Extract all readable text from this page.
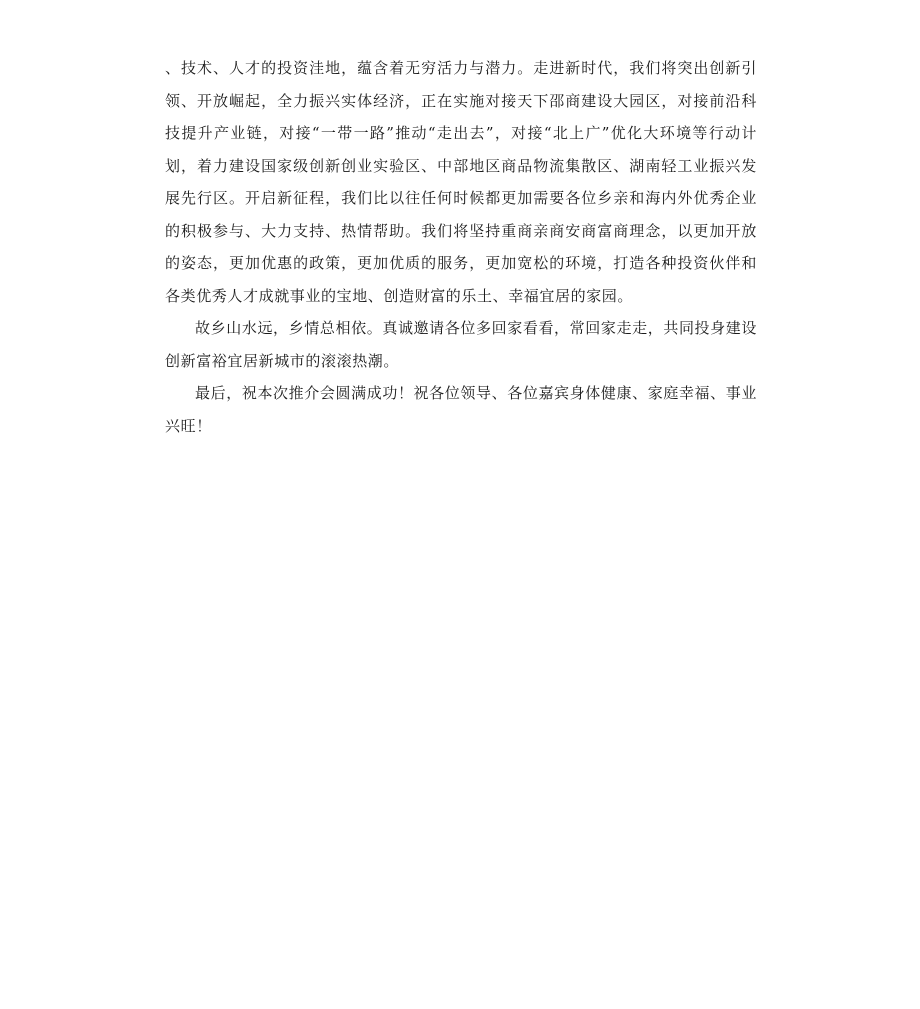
、技术、人才的投资洼地，蕴含着无穷活力与潜力。走进新时代，我们将突出创新引领、开放崛起，全力振兴实体经济，正在实施对接天下邵商建设大园区，对接前沿科技提升产业链，对接“一带一路”推动“走出去”，对接“北上广”优化大环境等行动计划，着力建设国家级创新创业实验区、中部地区商品物流集散区、湖南轻工业振兴发展先行区。开启新征程，我们比以往任何时候都更加需要各位乡亲和海内外优秀企业的积极参与、大力支持、热情帮助。我们将坚持重商亲商安商富商理念，以更加开放的姿态，更加优惠的政策，更加优质的服务，更加宽松的环境，打造各种投资伙伴和各类优秀人才成就事业的宝地、创造财富的乐土、幸福宜居的家园。

故乡山水远，乡情总相依。真诚邀请各位多回家看看，常回家走走，共同投身建设创新富裕宜居新城市的滚滚热潮。

最后，祝本次推介会圆满成功！祝各位领导、各位嘉宾身体健康、家庭幸福、事业兴旺！
